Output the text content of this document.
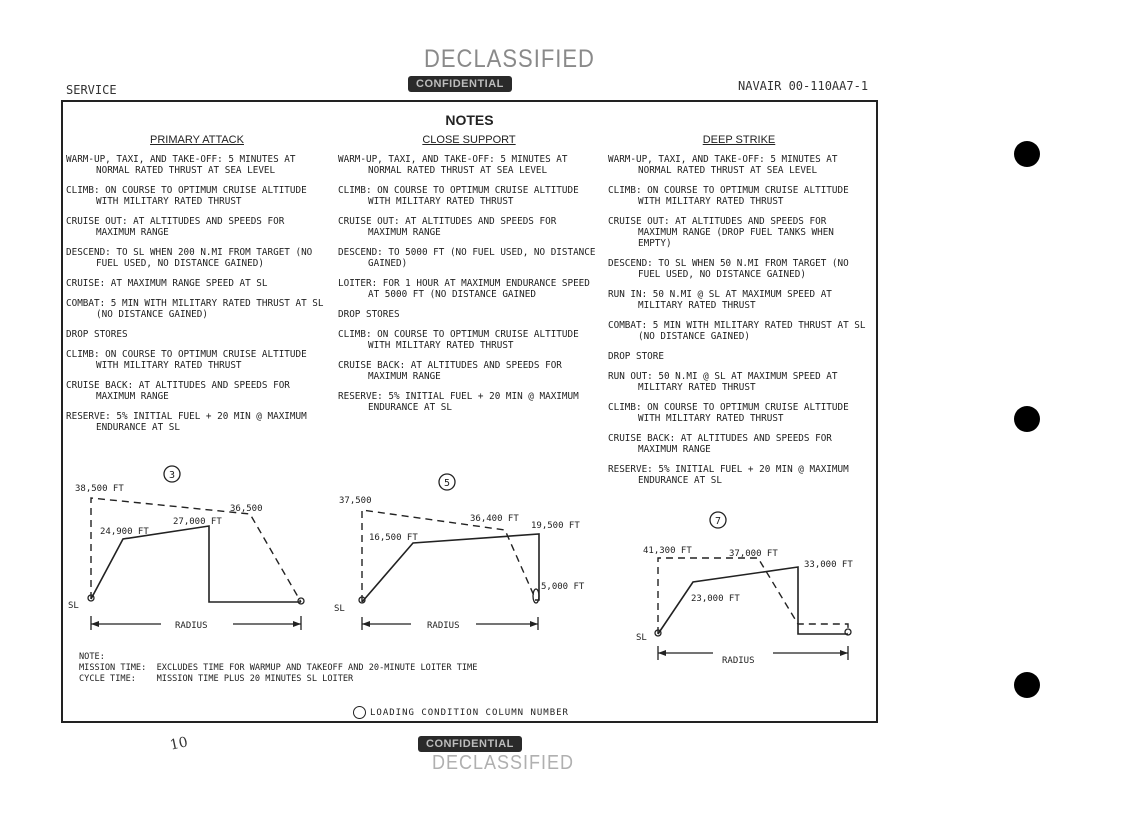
DECLASSIFIED
CONFIDENTIAL
SERVICE	NAVAIR 00-110AA7-1
NOTES
PRIMARY ATTACK
WARM-UP, TAXI, AND TAKE-OFF: 5 MINUTES AT NORMAL RATED THRUST AT SEA LEVEL
CLIMB: ON COURSE TO OPTIMUM CRUISE ALTITUDE WITH MILITARY RATED THRUST
CRUISE OUT: AT ALTITUDES AND SPEEDS FOR MAXIMUM RANGE
DESCEND: TO SL WHEN 200 N.MI FROM TARGET (NO FUEL USED, NO DISTANCE GAINED)
CRUISE: AT MAXIMUM RANGE SPEED AT SL
COMBAT: 5 MIN WITH MILITARY RATED THRUST AT SL (NO DISTANCE GAINED)
DROP STORES
CLIMB: ON COURSE TO OPTIMUM CRUISE ALTITUDE WITH MILITARY RATED THRUST
CRUISE BACK: AT ALTITUDES AND SPEEDS FOR MAXIMUM RANGE
RESERVE: 5% INITIAL FUEL + 20 MIN @ MAXIMUM ENDURANCE AT SL
CLOSE SUPPORT
WARM-UP, TAXI, AND TAKE-OFF: 5 MINUTES AT NORMAL RATED THRUST AT SEA LEVEL
CLIMB: ON COURSE TO OPTIMUM CRUISE ALTITUDE WITH MILITARY RATED THRUST
CRUISE OUT: AT ALTITUDES AND SPEEDS FOR MAXIMUM RANGE
DESCEND: TO 5000 FT (NO FUEL USED, NO DISTANCE GAINED)
LOITER: FOR 1 HOUR AT MAXIMUM ENDURANCE SPEED AT 5000 FT (NO DISTANCE GAINED
DROP STORES
CLIMB: ON COURSE TO OPTIMUM CRUISE ALTITUDE WITH MILITARY RATED THRUST
CRUISE BACK: AT ALTITUDES AND SPEEDS FOR MAXIMUM RANGE
RESERVE: 5% INITIAL FUEL + 20 MIN @ MAXIMUM ENDURANCE AT SL
DEEP STRIKE
WARM-UP, TAXI, AND TAKE-OFF: 5 MINUTES AT NORMAL RATED THRUST AT SEA LEVEL
CLIMB: ON COURSE TO OPTIMUM CRUISE ALTITUDE WITH MILITARY RATED THRUST
CRUISE OUT: AT ALTITUDES AND SPEEDS FOR MAXIMUM RANGE (DROP FUEL TANKS WHEN EMPTY)
DESCEND: TO SL WHEN 50 N.MI FROM TARGET (NO FUEL USED, NO DISTANCE GAINED)
RUN IN: 50 N.MI @ SL AT MAXIMUM SPEED AT MILITARY RATED THRUST
COMBAT: 5 MIN WITH MILITARY RATED THRUST AT SL (NO DISTANCE GAINED)
DROP STORE
RUN OUT: 50 N.MI @ SL AT MAXIMUM SPEED AT MILITARY RATED THRUST
CLIMB: ON COURSE TO OPTIMUM CRUISE ALTITUDE WITH MILITARY RATED THRUST
CRUISE BACK: AT ALTITUDES AND SPEEDS FOR MAXIMUM RANGE
RESERVE: 5% INITIAL FUEL + 20 MIN @ MAXIMUM ENDURANCE AT SL
3
38,500 FT
24,900 FT
27,000 FT
36,500
SL
RADIUS
5
37,500
36,400 FT
19,500 FT
16,500 FT
5,000 FT
SL
RADIUS
7
41,300 FT	37,000 FT
33,000 FT
23,000 FT
SL
RADIUS
NOTE:
MISSION TIME:  EXCLUDES TIME FOR WARMUP AND TAKEOFF AND 20-MINUTE LOITER TIME
CYCLE TIME:    MISSION TIME PLUS 20 MINUTES SL LOITER
LOADING CONDITION COLUMN NUMBER
10	CONFIDENTIAL
DECLASSIFIED
